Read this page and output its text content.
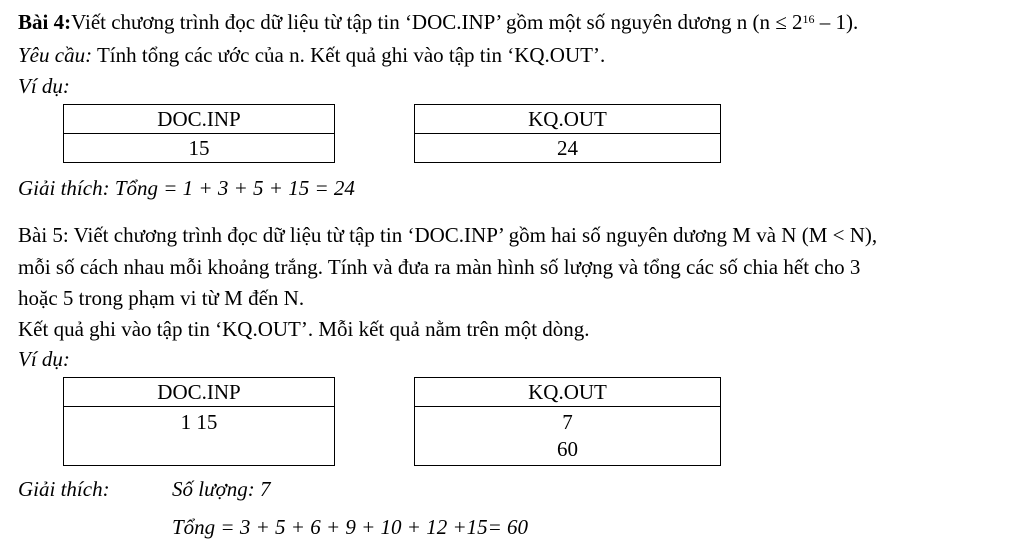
Bài 4:Viết chương trình đọc dữ liệu từ tập tin ‘DOC.INP’ gồm một số nguyên dương n $(n \le 2^{16} - 1)$.
Yêu cầu: Tính tổng các ước của n. Kết quả ghi vào tập tin ‘KQ.OUT’.
Ví dụ:
DOC.INP
15
KQ.OUT
24
Giải thích: Tổng = 1 + 3 + 5 + 15 = 24
Bài 5: Viết chương trình đọc dữ liệu từ tập tin ‘DOC.INP’ gồm hai số nguyên dương M và N (M < N),
mỗi số cách nhau mỗi khoảng trắng. Tính và đưa ra màn hình số lượng và tổng các số chia hết cho 3
hoặc 5 trong phạm vi từ M đến N.
Kết quả ghi vào tập tin ‘KQ.OUT’. Mỗi kết quả nằm trên một dòng.
Ví dụ:
DOC.INP
1 15
KQ.OUT

7
60
Giải thích:	Số lượng: 7
Tổng = 3 + 5 + 6 + 9 + 10 + 12 +15= 60
